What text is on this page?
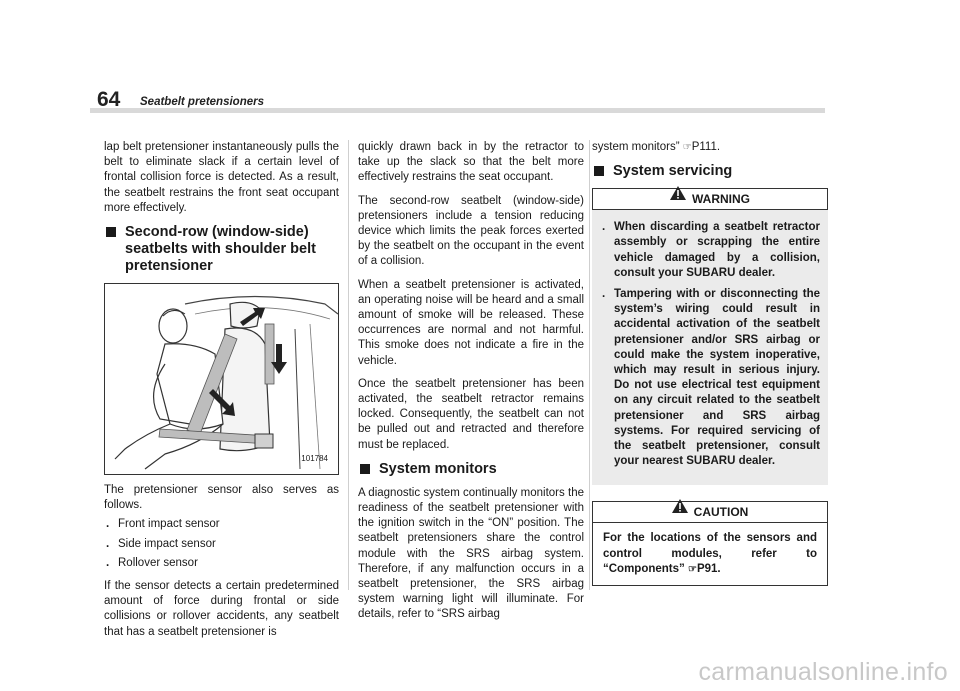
64 Seatbelt pretensioners

lap belt pretensioner instantaneously pulls the belt to eliminate slack if a certain level of frontal collision force is detected. As a result, the seatbelt restrains the front seat occupant more effectively.

Second-row (window-side) seatbelts with shoulder belt pretensioner
101784

The pretensioner sensor also serves as follows.

. Front impact sensor
. Side impact sensor
. Rollover sensor

If the sensor detects a certain predetermined amount of force during frontal or side collisions or rollover accidents, any seatbelt that has a seatbelt pretensioner is

quickly drawn back in by the retractor to take up the slack so that the belt more effectively restrains the seat occupant.

The second-row seatbelt (window-side) pretensioners include a tension reducing device which limits the peak forces exerted by the seatbelt on the occupant in the event of a collision.

When a seatbelt pretensioner is activated, an operating noise will be heard and a small amount of smoke will be released. These occurrences are normal and not harmful. This smoke does not indicate a fire in the vehicle.

Once the seatbelt pretensioner has been activated, the seatbelt retractor remains locked. Consequently, the seatbelt can not be pulled out and retracted and therefore must be replaced.

System monitors

A diagnostic system continually monitors the readiness of the seatbelt pretensioner with the ignition switch in the “ON” position. The seatbelt pretensioners share the control module with the SRS airbag system. Therefore, if any malfunction occurs in a seatbelt pretensioner, the SRS airbag system warning light will illuminate. For details, refer to “SRS airbag

system monitors” ☞P111.

System servicing
WARNING
. When discarding a seatbelt retractor assembly or scrapping the entire vehicle damaged by a collision, consult your SUBARU dealer.
. Tampering with or disconnecting the system’s wiring could result in accidental activation of the seatbelt pretensioner and/or SRS airbag or could make the system inoperative, which may result in serious injury. Do not use electrical test equipment on any circuit related to the seatbelt pretensioner and SRS airbag systems. For required servicing of the seatbelt pretensioner, consult your nearest SUBARU dealer.
CAUTION
For the locations of the sensors and control modules, refer to “Components” ☞P91.
carmanualsonline.info
